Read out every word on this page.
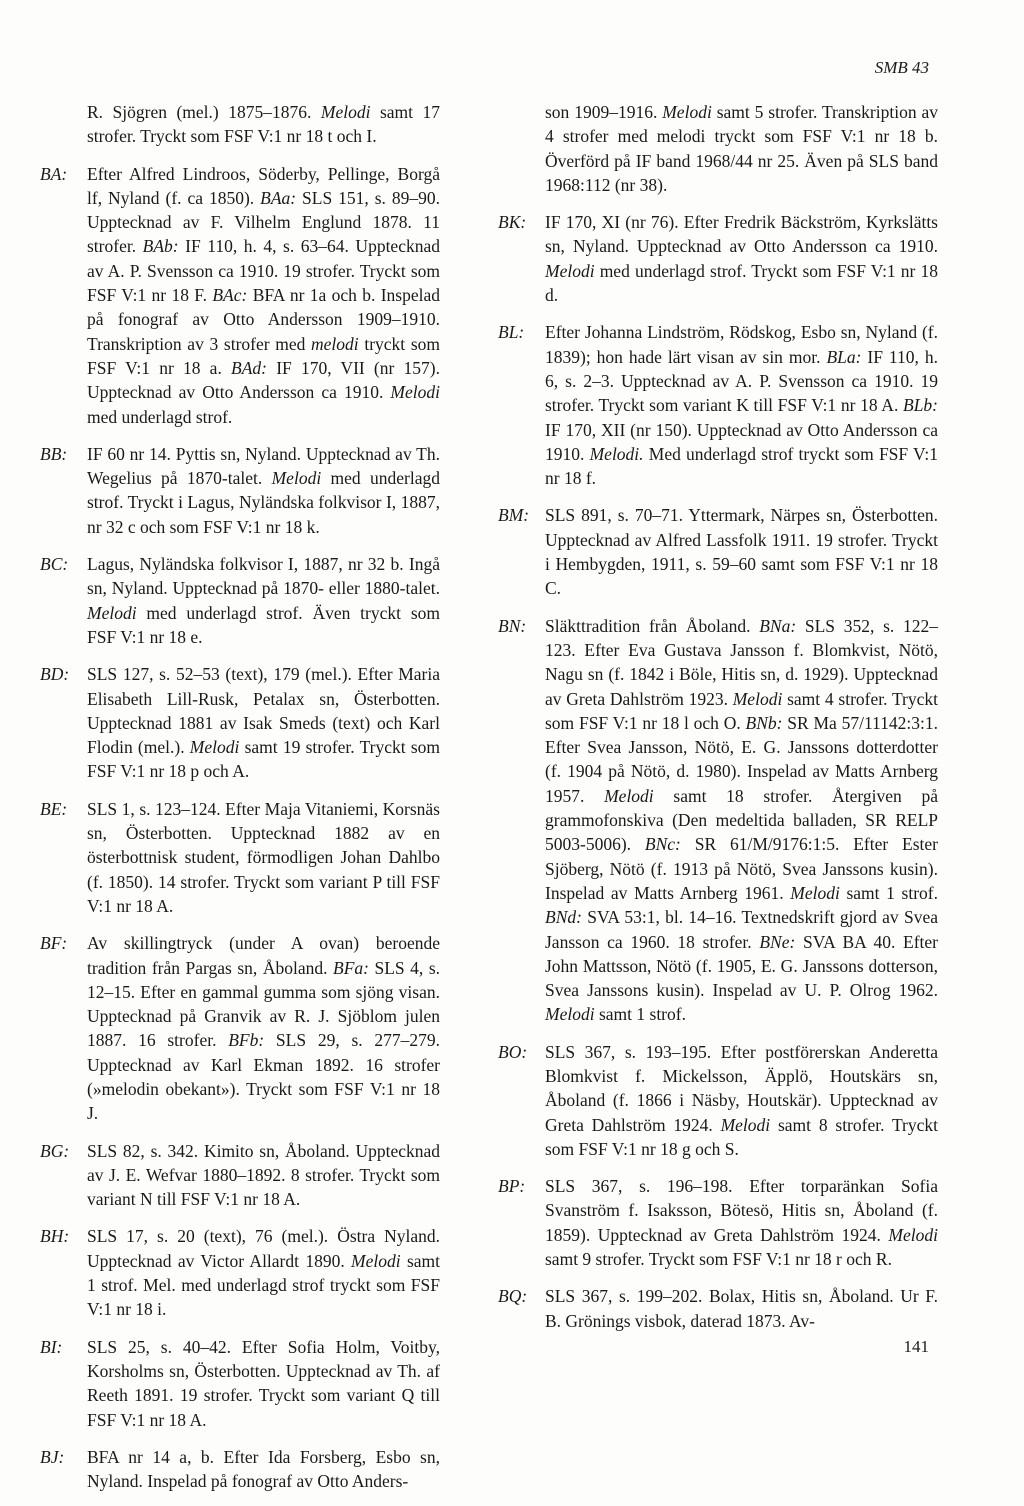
SMB 43
R. Sjögren (mel.) 1875–1876. Melodi samt 17 strofer. Tryckt som FSF V:1 nr 18 t och I.
BA:	Efter Alfred Lindroos, Söderby, Pellinge, Borgå lf, Nyland (f. ca 1850). BAa: SLS 151, s. 89–90. Upptecknad av F. Vilhelm Englund 1878. 11 strofer. BAb: IF 110, h. 4, s. 63–64. Upptecknad av A. P. Svensson ca 1910. 19 strofer. Tryckt som FSF V:1 nr 18 F. BAc: BFA nr 1a och b. Inspelad på fonograf av Otto Andersson 1909–1910. Transkription av 3 strofer med melodi tryckt som FSF V:1 nr 18 a. BAd: IF 170, VII (nr 157). Upptecknad av Otto Andersson ca 1910. Melodi med underlagd strof.
BB:	IF 60 nr 14. Pyttis sn, Nyland. Upptecknad av Th. Wegelius på 1870-talet. Melodi med underlagd strof. Tryckt i Lagus, Nyländska folkvisor I, 1887, nr 32 c och som FSF V:1 nr 18 k.
BC:	Lagus, Nyländska folkvisor I, 1887, nr 32 b. Ingå sn, Nyland. Upptecknad på 1870- eller 1880-talet. Melodi med underlagd strof. Även tryckt som FSF V:1 nr 18 e.
BD:	SLS 127, s. 52–53 (text), 179 (mel.). Efter Maria Elisabeth Lill-Rusk, Petalax sn, Österbotten. Upptecknad 1881 av Isak Smeds (text) och Karl Flodin (mel.). Melodi samt 19 strofer. Tryckt som FSF V:1 nr 18 p och A.
BE:	SLS 1, s. 123–124. Efter Maja Vitaniemi, Korsnäs sn, Österbotten. Upptecknad 1882 av en österbottnisk student, förmodligen Johan Dahlbo (f. 1850). 14 strofer. Tryckt som variant P till FSF V:1 nr 18 A.
BF:	Av skillingtryck (under A ovan) beroende tradition från Pargas sn, Åboland. BFa: SLS 4, s. 12–15. Efter en gammal gumma som sjöng visan. Upptecknad på Granvik av R. J. Sjöblom julen 1887. 16 strofer. BFb: SLS 29, s. 277–279. Upptecknad av Karl Ekman 1892. 16 strofer (»melodin obekant»). Tryckt som FSF V:1 nr 18 J.
BG:	SLS 82, s. 342. Kimito sn, Åboland. Upptecknad av J. E. Wefvar 1880–1892. 8 strofer. Tryckt som variant N till FSF V:1 nr 18 A.
BH:	SLS 17, s. 20 (text), 76 (mel.). Östra Nyland. Upptecknad av Victor Allardt 1890. Melodi samt 1 strof. Mel. med underlagd strof tryckt som FSF V:1 nr 18 i.
BI:	SLS 25, s. 40–42. Efter Sofia Holm, Voitby, Korsholms sn, Österbotten. Upptecknad av Th. af Reeth 1891. 19 strofer. Tryckt som variant Q till FSF V:1 nr 18 A.
BJ:	BFA nr 14 a, b. Efter Ida Forsberg, Esbo sn, Nyland. Inspelad på fonograf av Otto Anders-
son 1909–1916. Melodi samt 5 strofer. Transkription av 4 strofer med melodi tryckt som FSF V:1 nr 18 b. Överförd på IF band 1968/44 nr 25. Även på SLS band 1968:112 (nr 38).
BK:	IF 170, XI (nr 76). Efter Fredrik Bäckström, Kyrkslätts sn, Nyland. Upptecknad av Otto Andersson ca 1910. Melodi med underlagd strof. Tryckt som FSF V:1 nr 18 d.
BL:	Efter Johanna Lindström, Rödskog, Esbo sn, Nyland (f. 1839); hon hade lärt visan av sin mor. BLa: IF 110, h. 6, s. 2–3. Upptecknad av A. P. Svensson ca 1910. 19 strofer. Tryckt som variant K till FSF V:1 nr 18 A. BLb: IF 170, XII (nr 150). Upptecknad av Otto Andersson ca 1910. Melodi. Med underlagd strof tryckt som FSF V:1 nr 18 f.
BM: SLS 891, s. 70–71. Yttermark, Närpes sn, Österbotten. Upptecknad av Alfred Lassfolk 1911. 19 strofer. Tryckt i Hembygden, 1911, s. 59–60 samt som FSF V:1 nr 18 C.
BN:	Släkttradition från Åboland. BNa: SLS 352, s. 122–123. Efter Eva Gustava Jansson f. Blomkvist, Nötö, Nagu sn (f. 1842 i Böle, Hitis sn, d. 1929). Upptecknad av Greta Dahlström 1923. Melodi samt 4 strofer. Tryckt som FSF V:1 nr 18 l och O. BNb: SR Ma 57/11142:3:1. Efter Svea Jansson, Nötö, E. G. Janssons dotterdotter (f. 1904 på Nötö, d. 1980). Inspelad av Matts Arnberg 1957. Melodi samt 18 strofer. Återgiven på grammofonskiva (Den medeltida balladen, SR RELP 5003-5006). BNc: SR 61/M/9176:1:5. Efter Ester Sjöberg, Nötö (f. 1913 på Nötö, Svea Janssons kusin). Inspelad av Matts Arnberg 1961. Melodi samt 1 strof. BNd: SVA 53:1, bl. 14–16. Textnedskrift gjord av Svea Jansson ca 1960. 18 strofer. BNe: SVA BA 40. Efter John Mattsson, Nötö (f. 1905, E. G. Janssons dotterson, Svea Janssons kusin). Inspelad av U. P. Olrog 1962. Melodi samt 1 strof.
BO:	SLS 367, s. 193–195. Efter postförerskan Anderetta Blomkvist f. Mickelsson, Äpplö, Houtskärs sn, Åboland (f. 1866 i Näsby, Houtskär). Upptecknad av Greta Dahlström 1924. Melodi samt 8 strofer. Tryckt som FSF V:1 nr 18 g och S.
BP:	SLS 367, s. 196–198. Efter torparänkan Sofia Svanström f. Isaksson, Bötesö, Hitis sn, Åboland (f. 1859). Upptecknad av Greta Dahlström 1924. Melodi samt 9 strofer. Tryckt som FSF V:1 nr 18 r och R.
BQ:	SLS 367, s. 199–202. Bolax, Hitis sn, Åboland. Ur F. B. Grönings visbok, daterad 1873. Av-
141
